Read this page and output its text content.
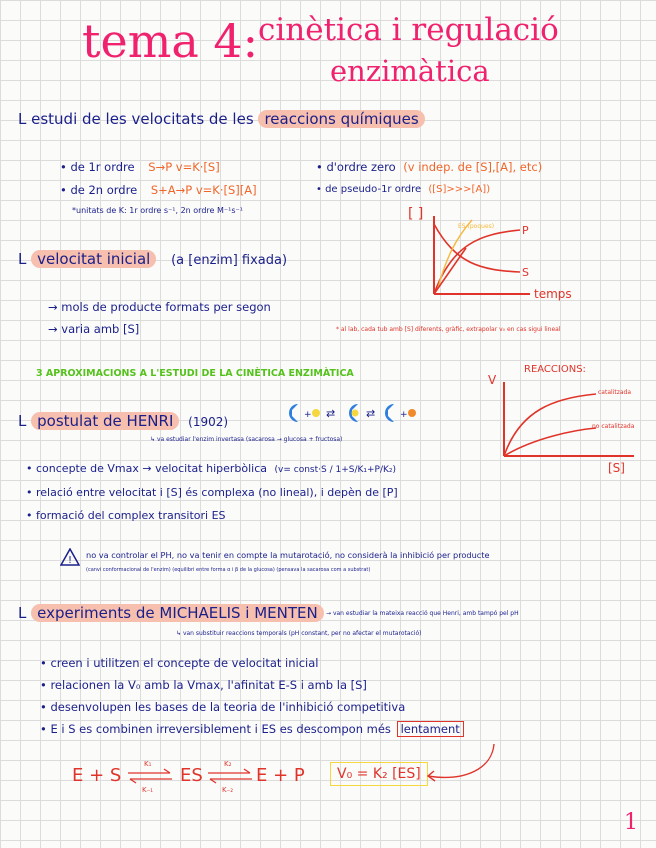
tema 4: cinètica i regulació
enzimàtica
L estudi de les velocitats de les reaccions químiques
• de 1r ordre S→P v=K·[S]	• d'ordre zero (v indep. de [S],[A], etc)
• de 2n ordre S+A→P v=K·[S][A]	• de pseudo-1r ordre ([S]>>>[A])
*unitats de K: 1r ordre s⁻¹, 2n ordre M⁻¹s⁻¹	[ ]
ES (poques)	P
S
temps
L velocitat inicial (a [enzim] fixada)
→ mols de producte formats per segon
→ varia amb [S]	* al lab, cada tub amb [S] diferents, gràfic, extrapolar v₀ en cas sigui lineal
3 APROXIMACIONS A L'ESTUDI DE LA CINÈTICA ENZIMÀTICA	V
REACCIONS:
catalitzada
no catalitzada
[S]
L postulat de HENRI (1902)	+ ⇄	⇄	+
↳ va estudiar l'enzim invertasa (sacarosa → glucosa + fructosa)
• concepte de Vmax → velocitat hiperbòlica (v= const·S / 1+S/K₁+P/K₂)
• relació entre velocitat i [S] és complexa (no lineal), i depèn de [P]
• formació del complex transitori ES
! no va controlar el PH, no va tenir en compte la mutarotació, no considerà la inhibició per producte
(canvi conformacional de l'enzim) (equilibri entre forma α i β de la glucosa) (pensava la sacarosa com a substrat)
L experiments de MICHAELIS i MENTEN	→ van estudiar la mateixa reacció que Henri, amb tampó pel pH
↳ van substituir reaccions temporals (pH constant, per no afectar el mutarotació)
• creen i utilitzen el concepte de velocitat inicial
• relacionen la V₀ amb la Vmax, l'afinitat E-S i amb la [S]
• desenvolupen les bases de la teoria de l'inhibició competitiva
• E i S es combinen irreversiblement i ES es descompon més lentament
E + S
K₁
K₋₁
ES
K₂
K₋₂
E + P	V₀ = K₂ [ES]
1
